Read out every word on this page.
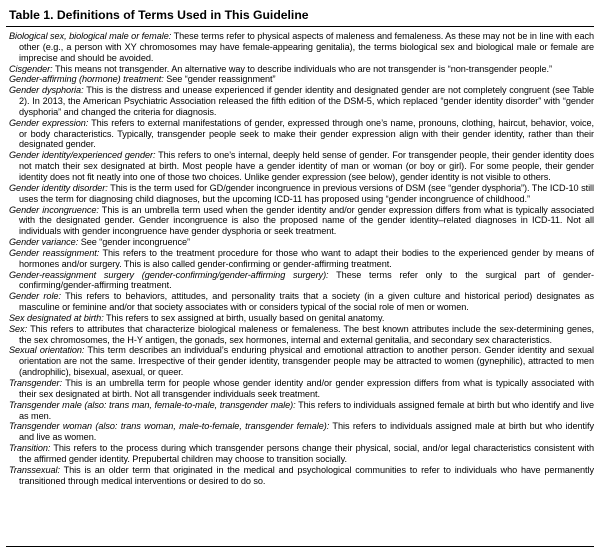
Table 1. Definitions of Terms Used in This Guideline
Biological sex, biological male or female: These terms refer to physical aspects of maleness and femaleness. As these may not be in line with each other (e.g., a person with XY chromosomes may have female-appearing genitalia), the terms biological sex and biological male or female are imprecise and should be avoided.
Cisgender: This means not transgender. An alternative way to describe individuals who are not transgender is “non-transgender people.”
Gender-affirming (hormone) treatment: See “gender reassignment”
Gender dysphoria: This is the distress and unease experienced if gender identity and designated gender are not completely congruent (see Table 2). In 2013, the American Psychiatric Association released the fifth edition of the DSM-5, which replaced “gender identity disorder” with “gender dysphoria” and changed the criteria for diagnosis.
Gender expression: This refers to external manifestations of gender, expressed through one’s name, pronouns, clothing, haircut, behavior, voice, or body characteristics. Typically, transgender people seek to make their gender expression align with their gender identity, rather than their designated gender.
Gender identity/experienced gender: This refers to one’s internal, deeply held sense of gender. For transgender people, their gender identity does not match their sex designated at birth. Most people have a gender identity of man or woman (or boy or girl). For some people, their gender identity does not fit neatly into one of those two choices. Unlike gender expression (see below), gender identity is not visible to others.
Gender identity disorder: This is the term used for GD/gender incongruence in previous versions of DSM (see “gender dysphoria”). The ICD-10 still uses the term for diagnosing child diagnoses, but the upcoming ICD-11 has proposed using “gender incongruence of childhood.”
Gender incongruence: This is an umbrella term used when the gender identity and/or gender expression differs from what is typically associated with the designated gender. Gender incongruence is also the proposed name of the gender identity–related diagnoses in ICD-11. Not all individuals with gender incongruence have gender dysphoria or seek treatment.
Gender variance: See “gender incongruence”
Gender reassignment: This refers to the treatment procedure for those who want to adapt their bodies to the experienced gender by means of hormones and/or surgery. This is also called gender-confirming or gender-affirming treatment.
Gender-reassignment surgery (gender-confirming/gender-affirming surgery): These terms refer only to the surgical part of gender-confirming/gender-affirming treatment.
Gender role: This refers to behaviors, attitudes, and personality traits that a society (in a given culture and historical period) designates as masculine or feminine and/or that society associates with or considers typical of the social role of men or women.
Sex designated at birth: This refers to sex assigned at birth, usually based on genital anatomy.
Sex: This refers to attributes that characterize biological maleness or femaleness. The best known attributes include the sex-determining genes, the sex chromosomes, the H-Y antigen, the gonads, sex hormones, internal and external genitalia, and secondary sex characteristics.
Sexual orientation: This term describes an individual’s enduring physical and emotional attraction to another person. Gender identity and sexual orientation are not the same. Irrespective of their gender identity, transgender people may be attracted to women (gynephilic), attracted to men (androphilic), bisexual, asexual, or queer.
Transgender: This is an umbrella term for people whose gender identity and/or gender expression differs from what is typically associated with their sex designated at birth. Not all transgender individuals seek treatment.
Transgender male (also: trans man, female-to-male, transgender male): This refers to individuals assigned female at birth but who identify and live as men.
Transgender woman (also: trans woman, male-to-female, transgender female): This refers to individuals assigned male at birth but who identify and live as women.
Transition: This refers to the process during which transgender persons change their physical, social, and/or legal characteristics consistent with the affirmed gender identity. Prepubertal children may choose to transition socially.
Transsexual: This is an older term that originated in the medical and psychological communities to refer to individuals who have permanently transitioned through medical interventions or desired to do so.
